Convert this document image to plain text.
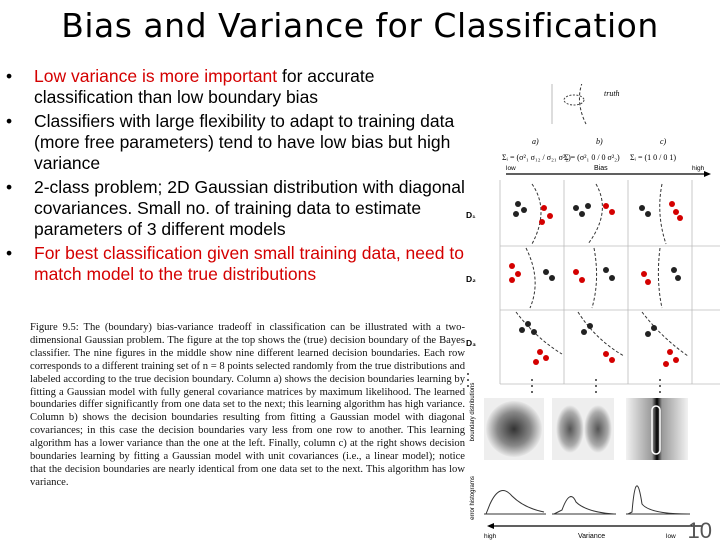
Bias and Variance for Classification
• Low variance is more important for accurate classification than low boundary bias
• Classifiers with large flexibility to adapt to training data (more free parameters) tend to have low bias but high variance
• 2-class problem; 2D Gaussian distribution with diagonal covariances. Small no. of training data to estimate parameters of 3 different models
• For best classification given small training data, need to match model to the true distributions
Figure 9.5: The (boundary) bias-variance tradeoff in classification can be illustrated with a two-dimensional Gaussian problem. The figure at the top shows the (true) decision boundary of the Bayes classifier. The nine figures in the middle show nine different learned decision boundaries. Each row corresponds to a different training set of n = 8 points selected randomly from the true distributions and labeled according to the true decision boundary. Column a) shows the decision boundaries learning by fitting a Gaussian model with fully general covariance matrices by maximum likelihood. The learned boundaries differ significantly from one data set to the next; this learning algorithm has high variance. Column b) shows the decision boundaries resulting from fitting a Gaussian model with diagonal covariances; in this case the decision boundaries vary less from one row to another. This learning algorithm has a lower variance than the one at the left. Finally, column c) at the right shows decision boundaries learning by fitting a Gaussian model with unit covariances (i.e., a linear model); notice that the decision boundaries are nearly identical from one data set to the next. This algorithm has low variance.
truth
a)	b)	c)
Σᵢ = (σ²₁ σ₁₂ / σ₂₁ σ²₂)
Σ = (σ²₁ 0 / 0 σ²₂) Σᵢ = (1 0 / 0 1)
low	Bias	high
D₁
D₂
D₃
boundary distributions
error histograms
high	Variance	low 10
